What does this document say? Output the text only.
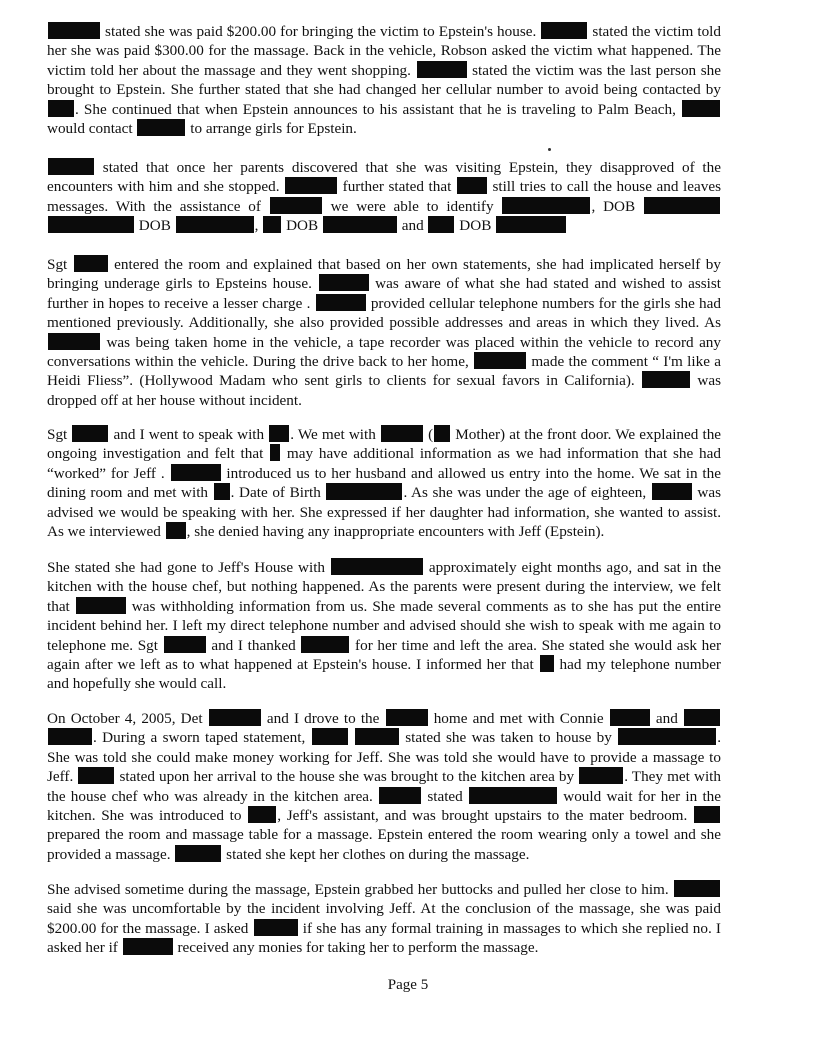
stated she was paid $200.00 for bringing the victim to Epstein's house.	stated the victim told her she was paid $300.00 for the massage. Back in the vehicle, Robson asked the victim what happened. The victim told her about the massage and they went shopping.	stated the victim was the last person she brought to Epstein. She further stated that she had changed her cellular number to avoid being contacted by . She continued that when Epstein announces to his assistant that he is traveling to Palm Beach,  would contact	to arrange girls for Epstein.

stated that once her parents discovered that she was visiting Epstein, they disapproved of the encounters with him and she stopped.	further stated that  still tries to call the house and leaves messages. With the assistance of	we were able to identify	, DOB   DOB	,  DOB	and  DOB

Sgt  entered the room and explained that based on her own statements, she had implicated herself by bringing underage girls to Epsteins house.	was aware of what she had stated and wished to assist further in hopes to receive a lesser charge .	provided cellular telephone numbers for the girls she had mentioned previously. Additionally, she also provided possible addresses and areas in which they lived. As  was being taken home in the vehicle, a tape recorder was placed within the vehicle to record any conversations within the vehicle. During the drive back to her home,	made the comment “ I'm like a Heidi Fliess”. (Hollywood Madam who sent girls to clients for sexual favors in California).	was dropped off at her house without incident.

Sgt	and I went to speak with . We met with	( Mother) at the front door. We explained the ongoing investigation and felt that  may have additional information as we had information that she had “worked” for Jeff .	introduced us to her husband and allowed us entry into the home. We sat in the dining room and met with . Date of Birth	. As she was under the age of eighteen,	was advised we would be speaking with her. She expressed if her daughter had information, she wanted to assist. As we interviewed , she denied having any inappropriate encounters with Jeff (Epstein).

She stated she had gone to Jeff's House with	approximately eight months ago, and sat in the kitchen with the house chef, but nothing happened. As the parents were present during the interview, we felt that	was withholding information from us. She made several comments as to she has put the entire incident behind her. I left my direct telephone number and advised should she wish to speak with me again to telephone me. Sgt	and I thanked	for her time and left the area. She stated she would ask her again after we left as to what happened at Epstein's house. I informed her that  had my telephone number and hopefully she would call.

On October 4, 2005, Det	and I drove to the	home and met with Connie	and  . During a sworn taped statement,	stated she was taken to house by	. She was told she could make money working for Jeff. She was told she would have to provide a massage to Jeff.	stated upon her arrival to the house she was brought to the kitchen area by	. They met with the house chef who was already in the kitchen area.	stated	would wait for her in the kitchen. She was introduced to , Jeff's assistant, and was brought upstairs to the mater bedroom.  prepared the room and massage table for a massage. Epstein entered the room wearing only a towel and she provided a massage.	stated she kept her clothes on during the massage.

She advised sometime during the massage, Epstein grabbed her buttocks and pulled her close to him.  said she was uncomfortable by the incident involving Jeff. At the conclusion of the massage, she was paid $200.00 for the massage. I asked	if she has any formal training in massages to which she replied no. I asked her if	received any monies for taking her to perform the massage.

Page 5
